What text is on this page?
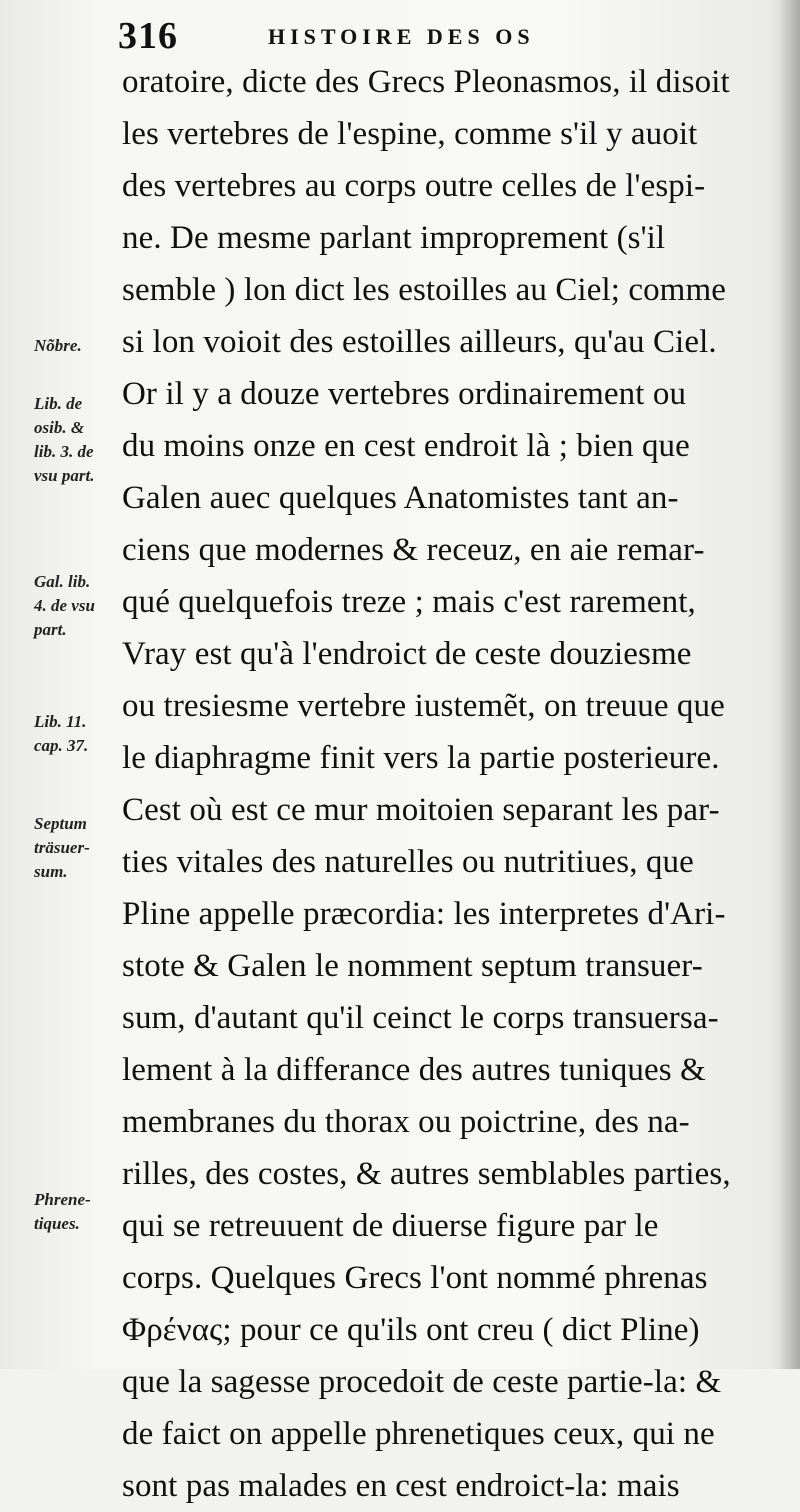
316	HISTOIRE DES OS
Nõbre.
Lib. de
osib. &
lib. 3. de
vsu part.
Gal. lib.
4. de vsu
part.
Lib. 11.
cap. 37.
Septum
träsuer-
sum.
Phrene-
tiques.
oratoire, dicte des Grecs Pleonasmos, il disoit
les vertebres de l'espine, comme s'il y auoit
des vertebres au corps outre celles de l'espi-
ne. De mesme parlant improprement (s'il
semble ) lon dict les estoilles au Ciel; comme
si lon voioit des estoilles ailleurs, qu'au Ciel.
Or il y a douze vertebres ordinairement ou
du moins onze en cest endroit là ; bien que
Galen auec quelques Anatomistes tant an-
ciens que modernes & receuz, en aie remar-
qué quelquefois treze ; mais c'est rarement,
Vray est qu'à l'endroict de ceste douziesme
ou tresiesme vertebre iustemẽt, on treuue que
le diaphragme finit vers la partie posterieure.
Cest où est ce mur moitoien separant les par-
ties vitales des naturelles ou nutritiues, que
Pline appelle præcordia: les interpretes d'Ari-
stote & Galen le nomment septum transuer-
sum, d'autant qu'il ceinct le corps transuersa-
lement à la differance des autres tuniques &
membranes du thorax ou poictrine, des na-
rilles, des costes, & autres semblables parties,
qui se retreuuent de diuerse figure par le
corps. Quelques Grecs l'ont nommé phrenas
Φρένας; pour ce qu'ils ont creu ( dict Pline)
que la sagesse procedoit de ceste partie-la: &
de faict on appelle phrenetiques ceux, qui ne
sont pas malades en cest endroict-la: mais
